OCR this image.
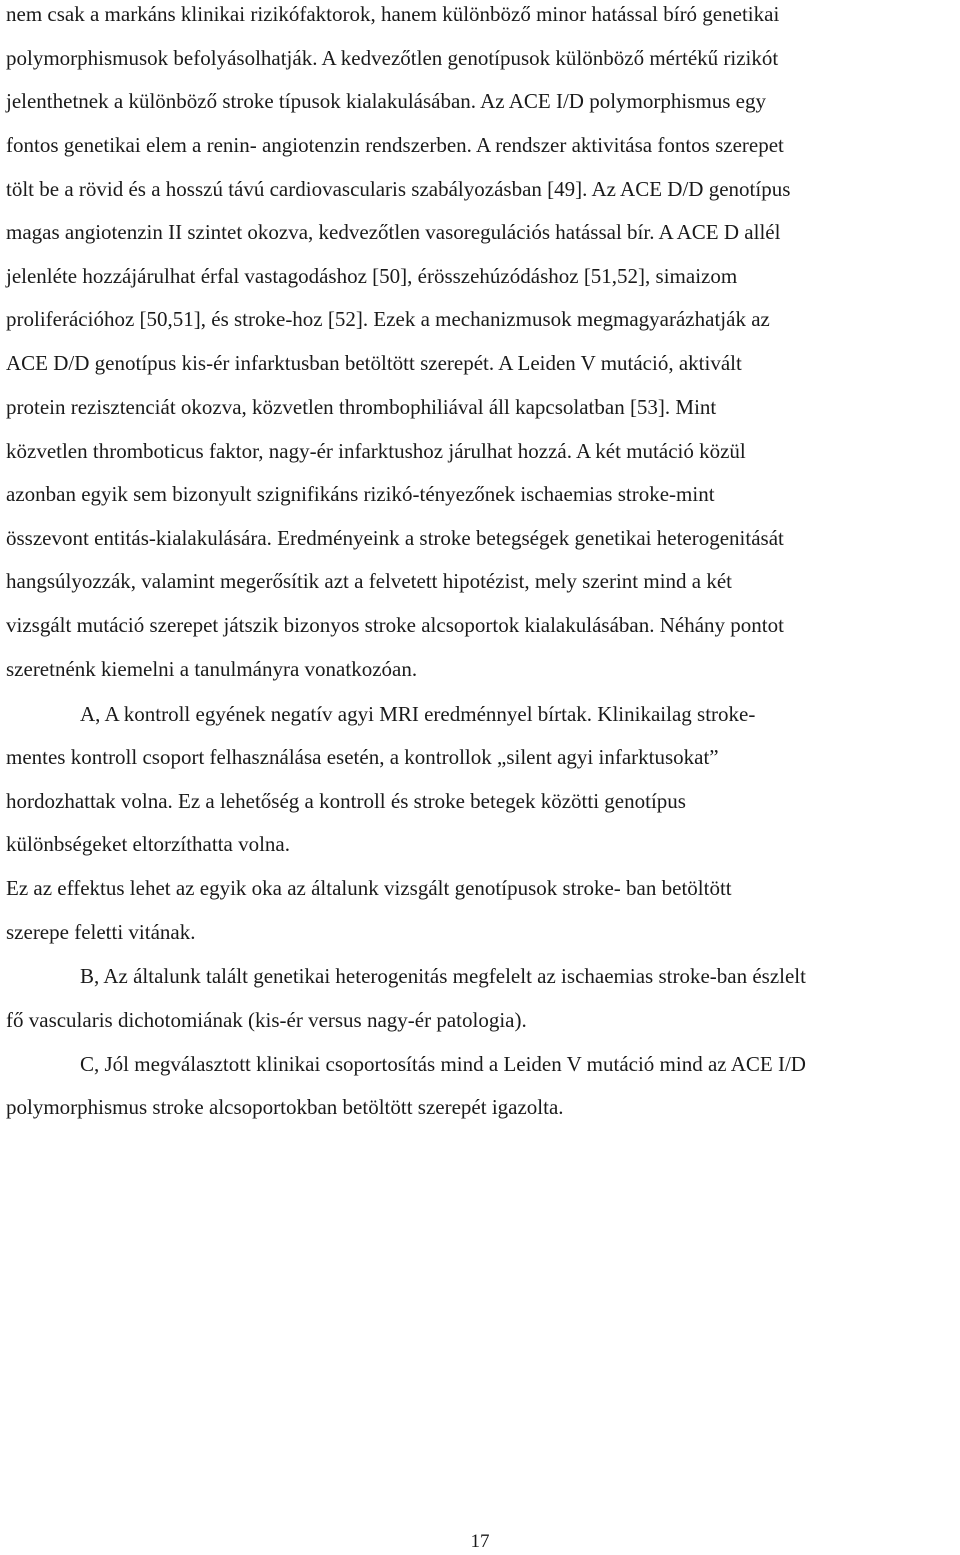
nem csak a markáns klinikai rizikófaktorok, hanem különböző minor hatással bíró genetikai
polymorphismusok befolyásolhatják. A kedvezőtlen genotípusok különböző mértékű rizikót
jelenthetnek a különböző stroke típusok kialakulásában. Az ACE I/D polymorphismus egy
fontos genetikai elem a renin- angiotenzin rendszerben. A rendszer aktivitása fontos szerepet
tölt be a rövid és a hosszú távú cardiovascularis szabályozásban [49]. Az ACE D/D genotípus
magas angiotenzin II szintet okozva, kedvezőtlen vasoregulációs hatással bír. A ACE D allél
jelenléte hozzájárulhat érfal vastagodáshoz [50], érösszehúzódáshoz [51,52], simaizom
proliferációhoz [50,51], és stroke-hoz [52]. Ezek a mechanizmusok megmagyarázhatják az
ACE D/D genotípus kis-ér infarktusban betöltött szerepét. A Leiden V mutáció, aktivált
protein rezisztenciát okozva, közvetlen thrombophiliával áll kapcsolatban [53]. Mint
közvetlen thromboticus faktor, nagy-ér infarktushoz járulhat hozzá. A két mutáció közül
azonban egyik sem bizonyult szignifikáns rizikó-tényezőnek ischaemias stroke-mint
összevont entitás-kialakulására. Eredményeink a stroke betegségek genetikai heterogenitását
hangsúlyozzák, valamint megerősítik azt a felvetett hipotézist, mely szerint mind a két
vizsgált mutáció szerepet játszik bizonyos stroke alcsoportok kialakulásában. Néhány pontot
szeretnénk kiemelni a tanulmányra vonatkozóan.
A, A kontroll egyének negatív agyi MRI eredménnyel bírtak. Klinikailag stroke-
mentes kontroll csoport felhasználása esetén, a kontrollok „silent agyi infarktusokat”
hordozhattak volna. Ez a lehetőség a kontroll és stroke betegek közötti genotípus
különbségeket eltorzíthatta volna.
Ez az effektus lehet az egyik oka az általunk vizsgált genotípusok stroke- ban betöltött
szerepe feletti vitának.
B, Az általunk talált genetikai heterogenitás megfelelt az ischaemias stroke-ban észlelt
fő vascularis dichotomiának (kis-ér versus nagy-ér patologia).
C, Jól megválasztott klinikai csoportosítás mind a Leiden V mutáció mind az ACE I/D
polymorphismus stroke alcsoportokban betöltött szerepét igazolta.
17
